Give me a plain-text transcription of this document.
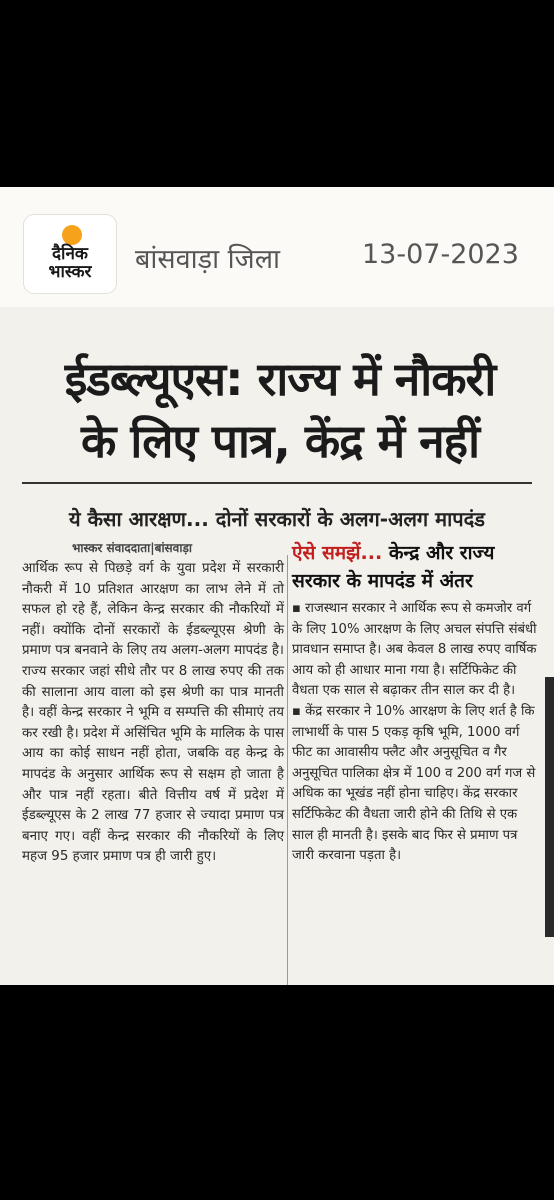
दैनिक
भास्कर	बांसवाड़ा जिला	13-07-2023
ईडब्ल्यूएस: राज्य में नौकरी
के लिए पात्र, केंद्र में नहीं
ये कैसा आरक्षण... दोनों सरकारों के अलग-अलग मापदंड
भास्कर संवाददाता|बांसवाड़ा
आर्थिक रूप से पिछड़े वर्ग के युवा प्रदेश में सरकारी नौकरी में 10 प्रतिशत आरक्षण का लाभ लेने में तो सफल हो रहे हैं, लेकिन केन्द्र सरकार की नौकरियों में नहीं। क्योंकि दोनों सरकारों के ईडब्ल्यूएस श्रेणी के प्रमाण पत्र बनवाने के लिए तय अलग-अलग मापदंड है। राज्य सरकार जहां सीधे तौर पर 8 लाख रुपए की तक की सालाना आय वाला को इस श्रेणी का पात्र मानती है। वहीं केन्द्र सरकार ने भूमि व सम्पत्ति की सीमाएं तय कर रखी है। प्रदेश में असिंचित भूमि के मालिक के पास आय का कोई साधन नहीं होता, जबकि वह केन्द्र के मापदंड के अनुसार आर्थिक रूप से सक्षम हो जाता है और पात्र नहीं रहता। बीते वित्तीय वर्ष में प्रदेश में ईडब्ल्यूएस के 2 लाख 77 हजार से ज्यादा प्रमाण पत्र बनाए गए। वहीं केन्द्र सरकार की नौकरियों के लिए महज 95 हजार प्रमाण पत्र ही जारी हुए।
ऐसे समझें... केन्द्र और राज्य
सरकार के मापदंड में अंतर
▪ राजस्थान सरकार ने आर्थिक रूप से कमजोर वर्ग के लिए 10% आरक्षण के लिए अचल संपत्ति संबंधी प्रावधान समाप्त है। अब केवल 8 लाख रुपए वार्षिक आय को ही आधार माना गया है। सर्टिफिकेट की वैधता एक साल से बढ़ाकर तीन साल कर दी है।
▪ केंद्र सरकार ने 10% आरक्षण के लिए शर्त है कि लाभार्थी के पास 5 एकड़ कृषि भूमि, 1000 वर्ग फीट का आवासीय फ्लैट और अनुसूचित व गैर अनुसूचित पालिका क्षेत्र में 100 व 200 वर्ग गज से अधिक का भूखंड नहीं होना चाहिए। केंद्र सरकार सर्टिफिकेट की वैधता जारी होने की तिथि से एक साल ही मानती है। इसके बाद फिर से प्रमाण पत्र जारी करवाना पड़ता है।
